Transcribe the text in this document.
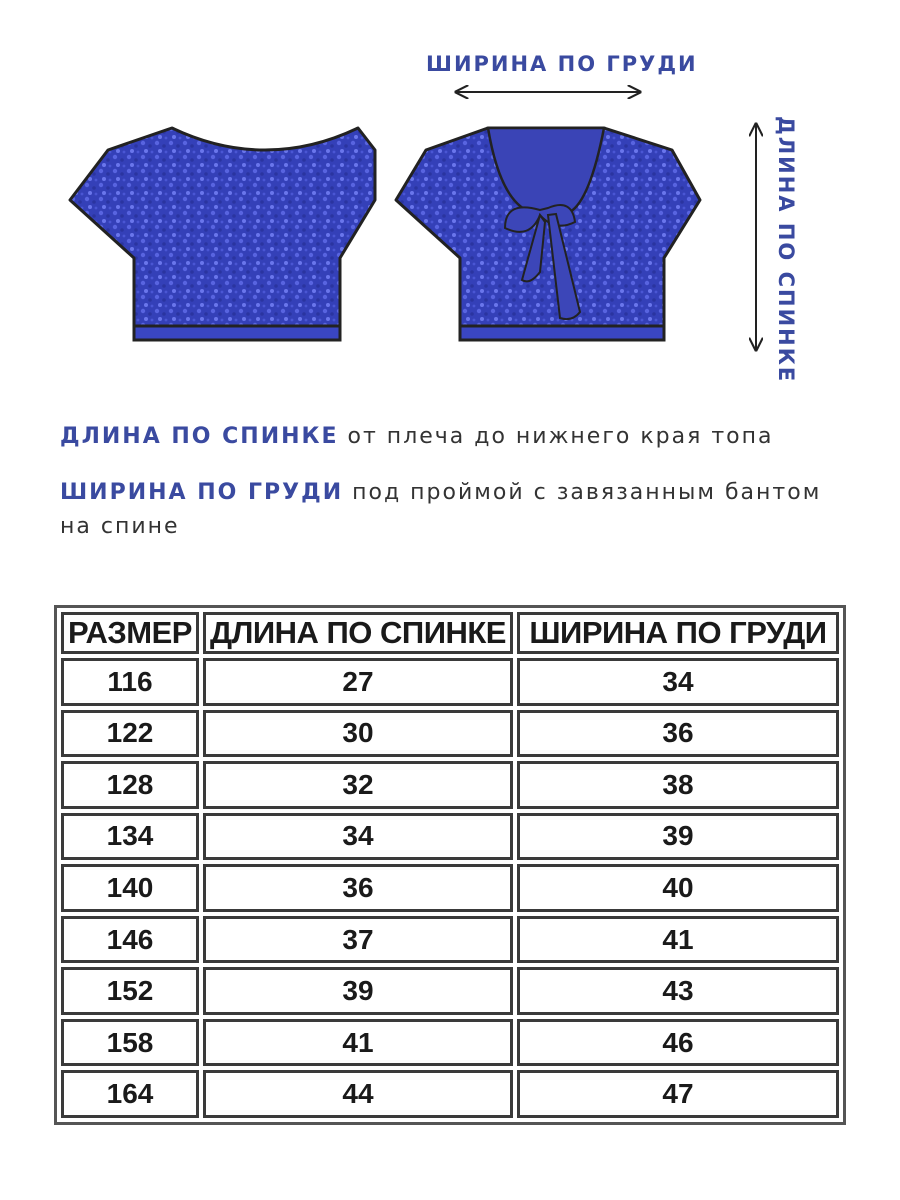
ШИРИНА ПО ГРУДИ
ДЛИНА ПО СПИНКЕ
ДЛИНА ПО СПИНКЕ от плеча до нижнего края топа
ШИРИНА ПО ГРУДИ под проймой с завязанным бантом на спине
РАЗМЕР	ДЛИНА ПО СПИНКЕ	ШИРИНА ПО ГРУДИ
116	27	34
122	30	36
128	32	38
134	34	39
140	36	40
146	37	41
152	39	43
158	41	46
164	44	47
